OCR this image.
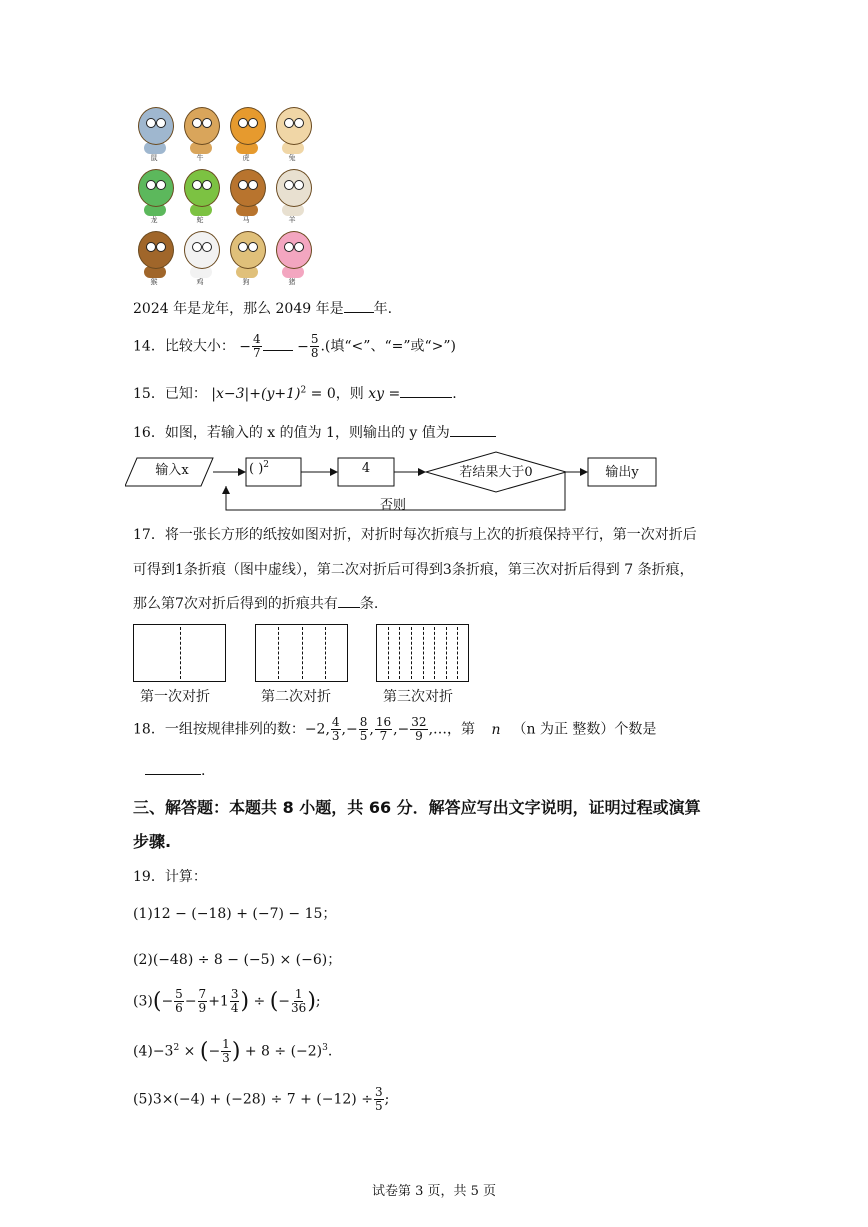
鼠	牛	虎	兔
龙	蛇	马	羊
猴	鸡	狗	猪
2024 年是龙年，那么 2049 年是 年.
14．比较大小： − $\frac{4}{7}$	− $\frac{5}{8}$ .(填“<”、“=”或“>”)
15．已知： $|x-3|+(y+1)^2 = 0$，则 xy =	.
16．如图，若输入的 x 的值为 1，则输出的 y 值为
输入x	( )$^2$	4	若结果大于0	输出y
否则
17．将一张长方形的纸按如图对折，对折时每次折痕与上次的折痕保持平行，第一次对折后
可得到1条折痕（图中虚线），第二次对折后可得到3条折痕，第三次对折后得到 7 条折痕，
那么第7次对折后得到的折痕共有 条.
第一次对折	第二次对折	第三次对折
18．一组按规律排列的数：−2, $\frac{4}{3}$ ,− $\frac{8}{5}$ , $\frac{16}{7}$ ,− $\frac{32}{9}$ ,…，第 n （n 为正 整数）个数是
.
三、解答题：本题共 8 小题，共 66 分．解答应写出文字说明，证明过程或演算
步骤.
19．计算：
(1)12 − (−18) + (−7) − 15；
(2)(−48) ÷ 8 − (−5) × (−6)；
$(3)(- \frac{5}{6} - \frac{7}{9} +1 \frac{3}{4}$ ) ÷ (− $\frac{1}{36}$ );
$(4)-3^2$ × (− $\frac{1}{3}$ ) + $8 \div (-2)^3$.
$(5)3\times(-4) + (-28) \div 7 + (-12) \div \frac{3}{5}$ ;
试卷第 3 页，共 5 页
